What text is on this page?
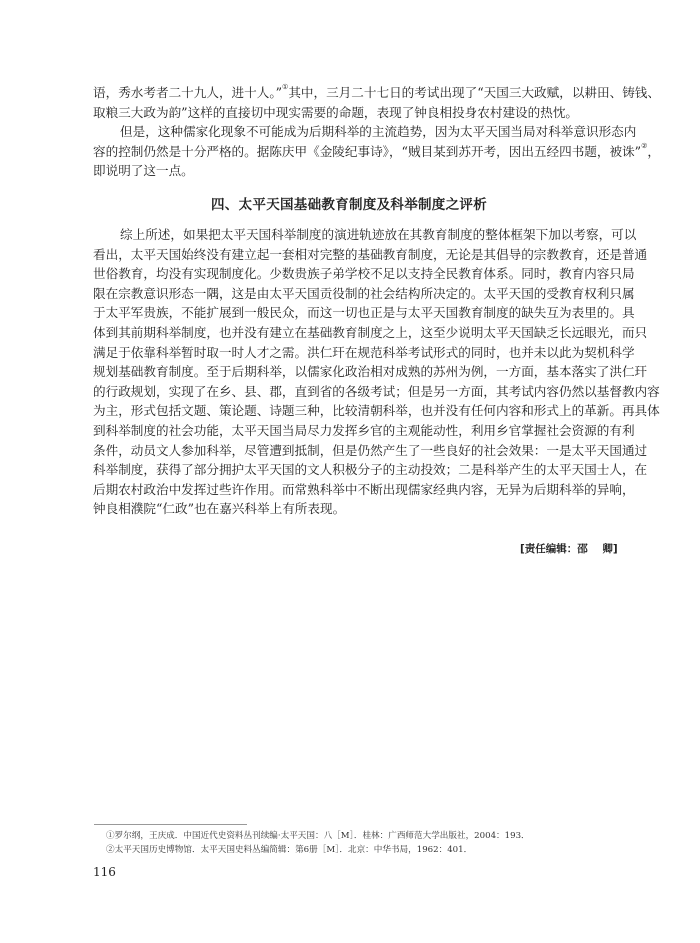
语，秀水考者二十九人，进十人。”①其中，三月二十七日的考试出现了“天国三大政赋，以耕田、铸钱、
取粮三大政为韵”这样的直接切中现实需要的命题，表现了钟良相投身农村建设的热忱。
但是，这种儒家化现象不可能成为后期科举的主流趋势，因为太平天国当局对科举意识形态内
容的控制仍然是十分严格的。据陈庆甲《金陵纪事诗》，“贼目某到苏开考，因出五经四书题，被诛”②，
即说明了这一点。
四、太平天国基础教育制度及科举制度之评析
综上所述，如果把太平天国科举制度的演进轨迹放在其教育制度的整体框架下加以考察，可以
看出，太平天国始终没有建立起一套相对完整的基础教育制度，无论是其倡导的宗教教育，还是普通
世俗教育，均没有实现制度化。少数贵族子弟学校不足以支持全民教育体系。同时，教育内容只局
限在宗教意识形态一隅，这是由太平天国贡役制的社会结构所决定的。太平天国的受教育权利只属
于太平军贵族，不能扩展到一般民众，而这一切也正是与太平天国教育制度的缺失互为表里的。具
体到其前期科举制度，也并没有建立在基础教育制度之上，这至少说明太平天国缺乏长远眼光，而只
满足于依靠科举暂时取一时人才之需。洪仁玕在规范科举考试形式的同时，也并未以此为契机科学
规划基础教育制度。至于后期科举，以儒家化政治相对成熟的苏州为例，一方面，基本落实了洪仁玕
的行政规划，实现了在乡、县、郡，直到省的各级考试；但是另一方面，其考试内容仍然以基督教内容
为主，形式包括文题、策论题、诗题三种，比较清朝科举，也并没有任何内容和形式上的革新。再具体
到科举制度的社会功能，太平天国当局尽力发挥乡官的主观能动性，利用乡官掌握社会资源的有利
条件，动员文人参加科举，尽管遭到抵制，但是仍然产生了一些良好的社会效果：一是太平天国通过
科举制度，获得了部分拥护太平天国的文人积极分子的主动投效；二是科举产生的太平天国士人，在
后期农村政治中发挥过些许作用。而常熟科举中不断出现儒家经典内容，无异为后期科举的异响，
钟良相濮院“仁政”也在嘉兴科举上有所表现。
[责任编辑：邵    卿]
①罗尔纲，王庆成．中国近代史资料丛刊续编·太平天国：八［M］．桂林：广西师范大学出版社，2004：193．
②太平天国历史博物馆．太平天国史料丛编简辑：第6册［M］．北京：中华书局，1962：401．
116
